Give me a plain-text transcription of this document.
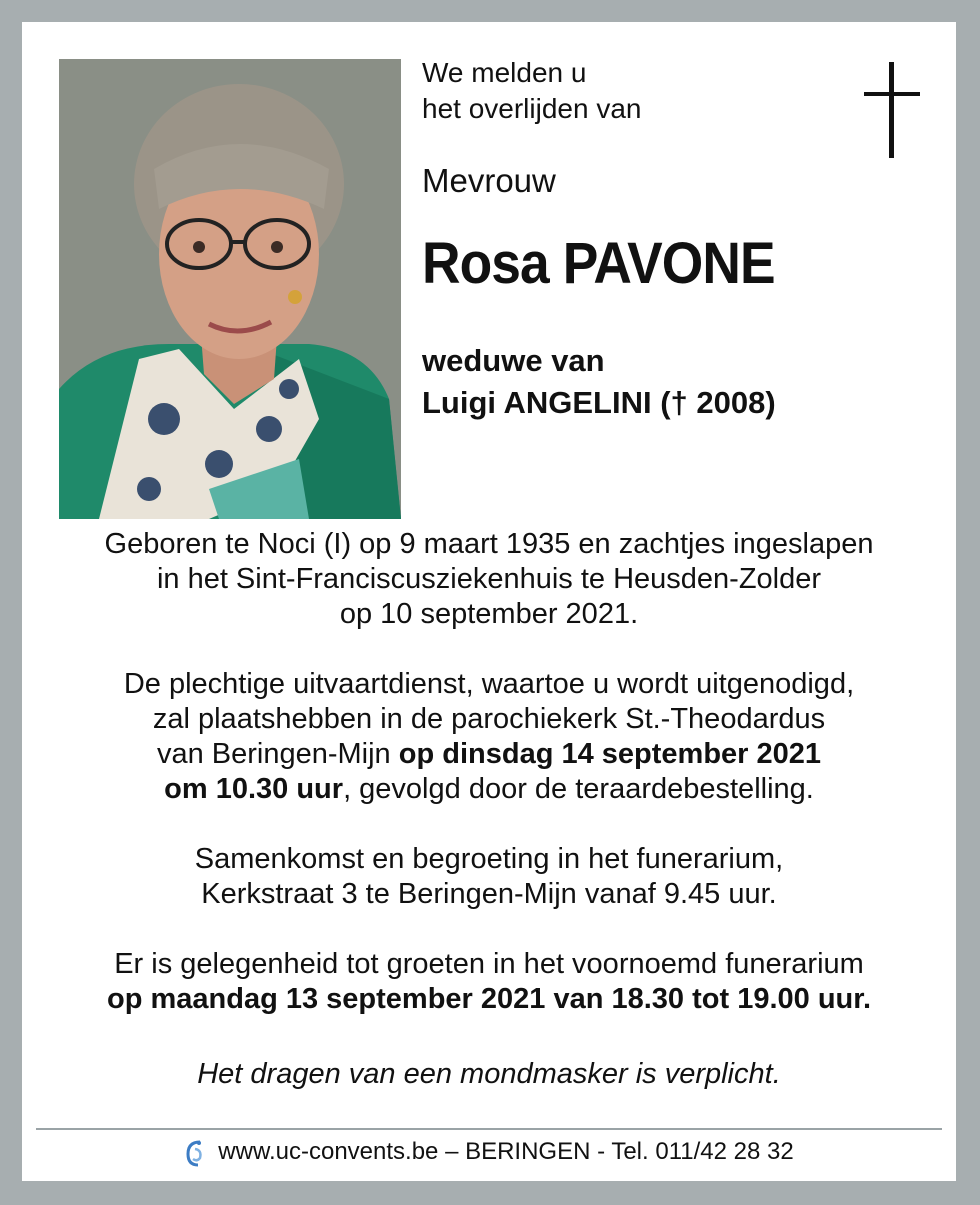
We melden u
het overlijden van
Mevrouw
Rosa PAVONE
weduwe van
Luigi ANGELINI († 2008)
Geboren te Noci (I) op 9 maart 1935 en zachtjes ingeslapen
in het Sint-Franciscusziekenhuis te Heusden-Zolder
op 10 september 2021.
De plechtige uitvaartdienst, waartoe u wordt uitgenodigd,
zal plaatshebben in de parochiekerk St.-Theodardus
van Beringen-Mijn op dinsdag 14 september 2021
om 10.30 uur, gevolgd door de teraardebestelling.
Samenkomst en begroeting in het funerarium,
Kerkstraat 3 te Beringen-Mijn vanaf 9.45 uur.
Er is gelegenheid tot groeten in het voornoemd funerarium
op maandag 13 september 2021 van 18.30 tot 19.00 uur.
Het dragen van een mondmasker is verplicht.
www.uc-convents.be – BERINGEN - Tel. 011/42 28 32
